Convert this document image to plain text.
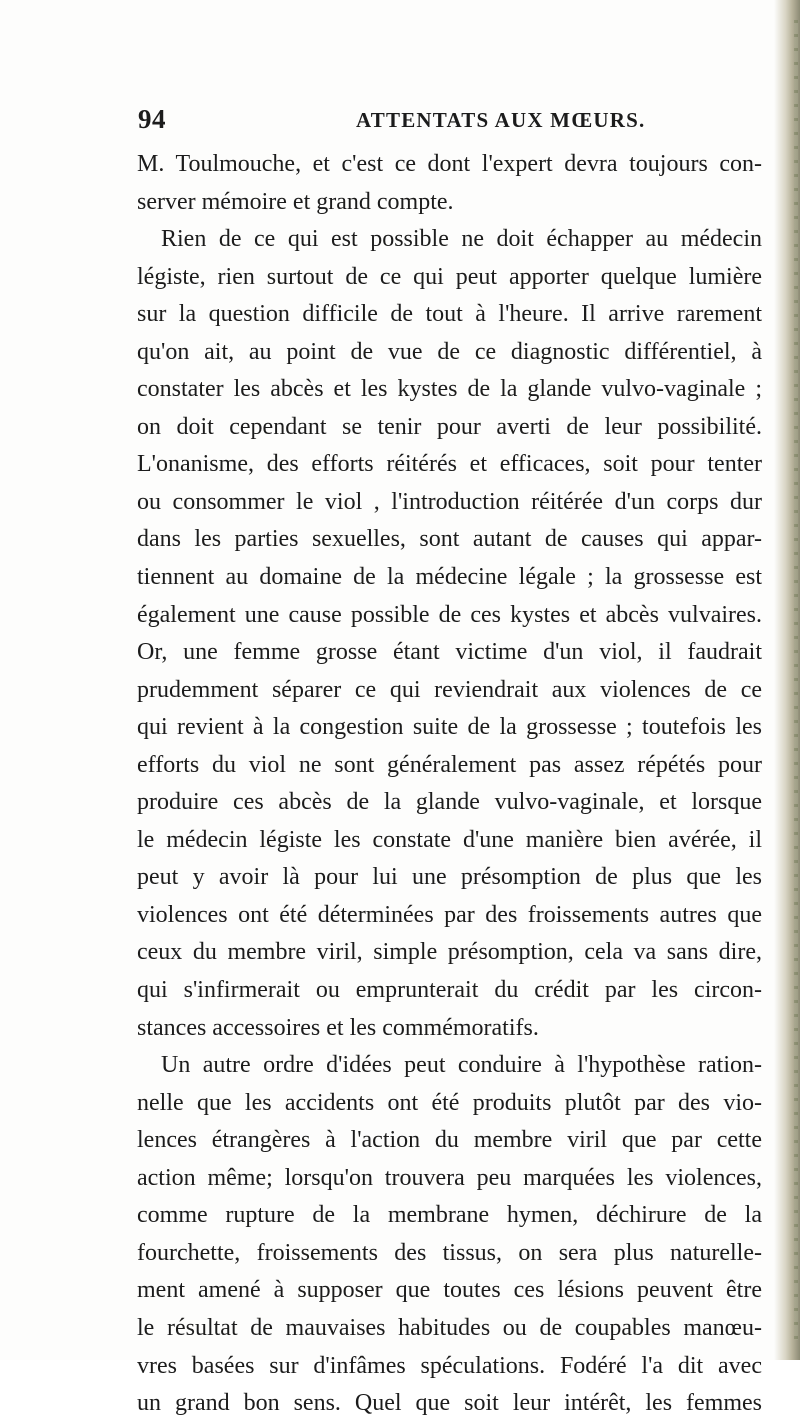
94	ATTENTATS AUX MŒURS.
M. Toulmouche, et c'est ce dont l'expert devra toujours con-
server mémoire et grand compte.
Rien de ce qui est possible ne doit échapper au médecin
légiste, rien surtout de ce qui peut apporter quelque lumière
sur la question difficile de tout à l'heure. Il arrive rarement
qu'on ait, au point de vue de ce diagnostic différentiel, à
constater les abcès et les kystes de la glande vulvo-vaginale ;
on doit cependant se tenir pour averti de leur possibilité.
L'onanisme, des efforts réitérés et efficaces, soit pour tenter
ou consommer le viol , l'introduction réitérée d'un corps dur
dans les parties sexuelles, sont autant de causes qui appar-
tiennent au domaine de la médecine légale ; la grossesse est
également une cause possible de ces kystes et abcès vulvaires.
Or, une femme grosse étant victime d'un viol, il faudrait
prudemment séparer ce qui reviendrait aux violences de ce
qui revient à la congestion suite de la grossesse ; toutefois les
efforts du viol ne sont généralement pas assez répétés pour
produire ces abcès de la glande vulvo-vaginale, et lorsque
le médecin légiste les constate d'une manière bien avérée, il
peut y avoir là pour lui une présomption de plus que les
violences ont été déterminées par des froissements autres que
ceux du membre viril, simple présomption, cela va sans dire,
qui s'infirmerait ou emprunterait du crédit par les circon-
stances accessoires et les commémoratifs.
Un autre ordre d'idées peut conduire à l'hypothèse ration-
nelle que les accidents ont été produits plutôt par des vio-
lences étrangères à l'action du membre viril que par cette
action même; lorsqu'on trouvera peu marquées les violences,
comme rupture de la membrane hymen, déchirure de la
fourchette, froissements des tissus, on sera plus naturelle-
ment amené à supposer que toutes ces lésions peuvent être
le résultat de mauvaises habitudes ou de coupables manœu-
vres basées sur d'infâmes spéculations. Fodéré l'a dit avec
un grand bon sens. Quel que soit leur intérêt, les femmes
